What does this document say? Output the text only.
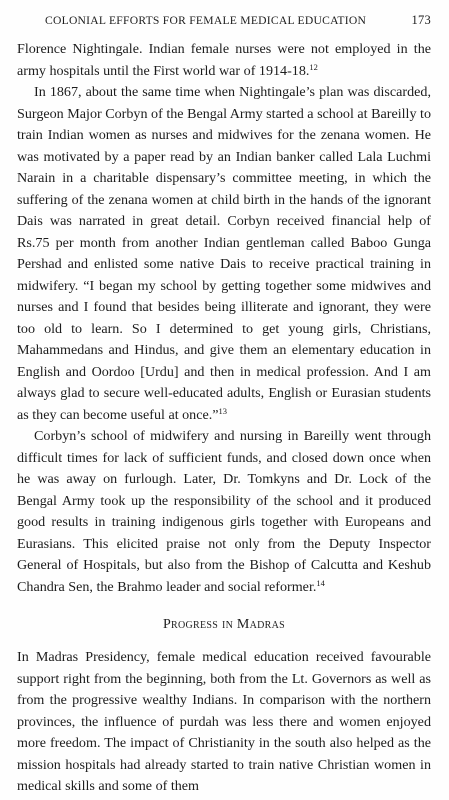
COLONIAL EFFORTS FOR FEMALE MEDICAL EDUCATION	173

Florence Nightingale. Indian female nurses were not employed in the army hospitals until the First world war of 1914-18.12

In 1867, about the same time when Nightingale’s plan was discarded, Surgeon Major Corbyn of the Bengal Army started a school at Bareilly to train Indian women as nurses and midwives for the zenana women. He was motivated by a paper read by an Indian banker called Lala Luchmi Narain in a charitable dispensary’s committee meeting, in which the suffering of the zenana women at child birth in the hands of the ignorant Dais was narrated in great detail. Corbyn received financial help of Rs.75 per month from another Indian gentleman called Baboo Gunga Pershad and enlisted some native Dais to receive practical training in midwifery. “I began my school by getting together some midwives and nurses and I found that besides being illiterate and ignorant, they were too old to learn. So I determined to get young girls, Christians, Mahammedans and Hindus, and give them an elementary education in English and Oordoo [Urdu] and then in medical profession. And I am always glad to secure well-educated adults, English or Eurasian students as they can become useful at once.”$^{13}$

Corbyn’s school of midwifery and nursing in Bareilly went through difficult times for lack of sufficient funds, and closed down once when he was away on furlough. Later, Dr. Tomkyns and Dr. Lock of the Bengal Army took up the responsibility of the school and it produced good results in training indigenous girls together with Europeans and Eurasians. This elicited praise not only from the Deputy Inspector General of Hospitals, but also from the Bishop of Calcutta and Keshub Chandra Sen, the Brahmo leader and social reformer.$^{14}$

Progress in Madras

In Madras Presidency, female medical education received favourable support right from the beginning, both from the Lt. Governors as well as from the progressive wealthy Indians. In comparison with the northern provinces, the influence of purdah was less there and women enjoyed more freedom. The impact of Christianity in the south also helped as the mission hospitals had already started to train native Christian women in medical skills and some of them
